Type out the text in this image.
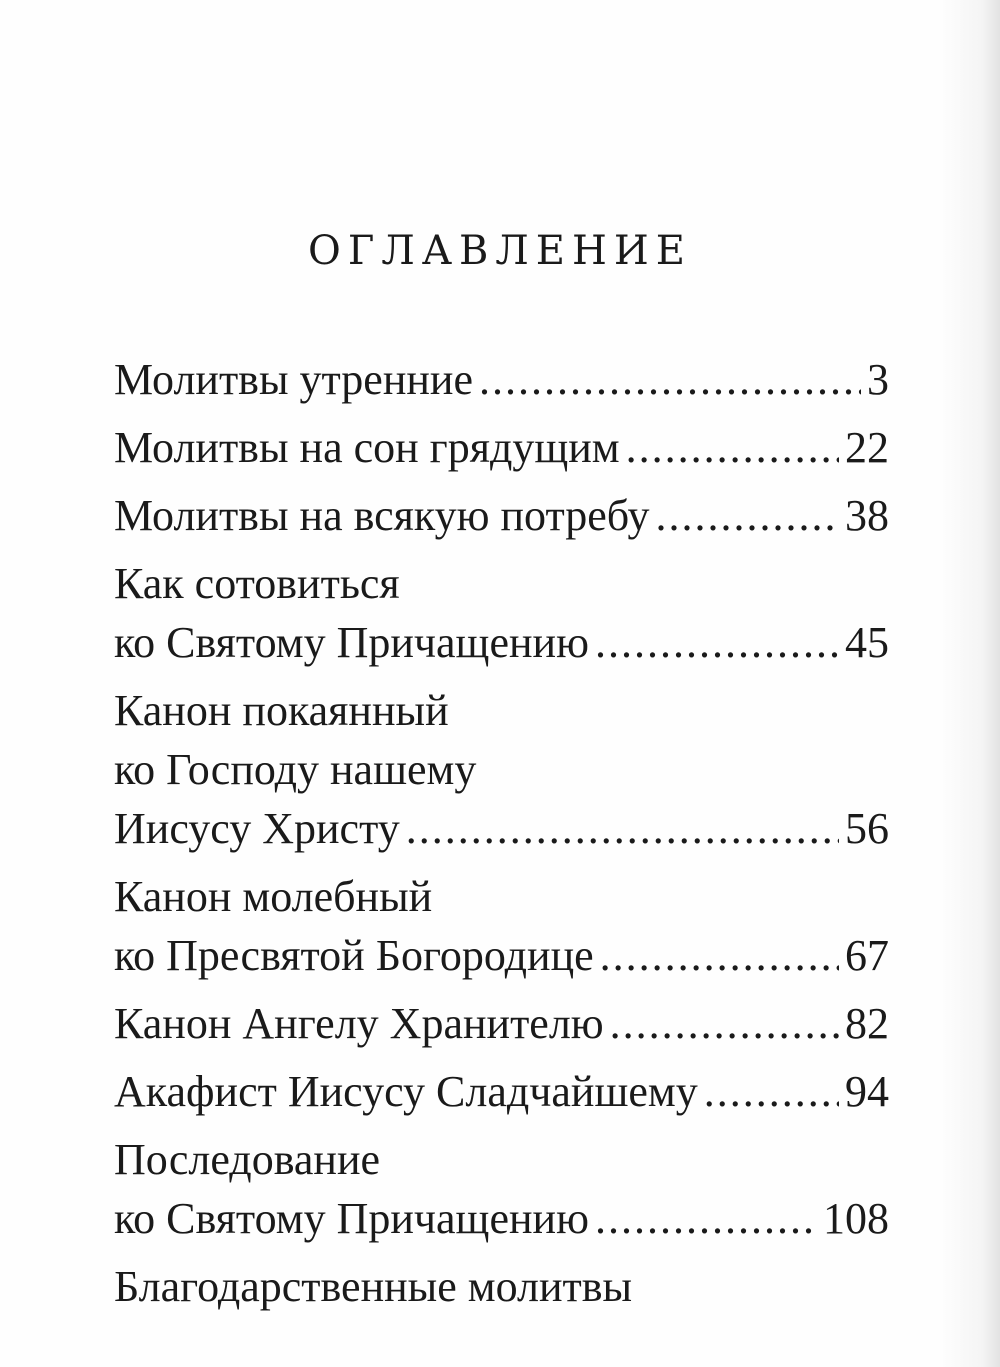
ОГЛАВЛЕНИЕ
Молитвы утренние .....	3
Молитвы на сон грядущим .....	22
Молитвы на всякую потребу .....	38
Как сотовиться
ко Святому Причащению .....	45
Канон покаянный
ко Господу нашему
Иисусу Христу .....	56
Канон молебный
ко Пресвятой Богородице .....	67
Канон Ангелу Хранителю .....	82
Акафист Иисусу Сладчайшему .....	94
Последование
ко Святому Причащению .....	108
Благодарственные молитвы
